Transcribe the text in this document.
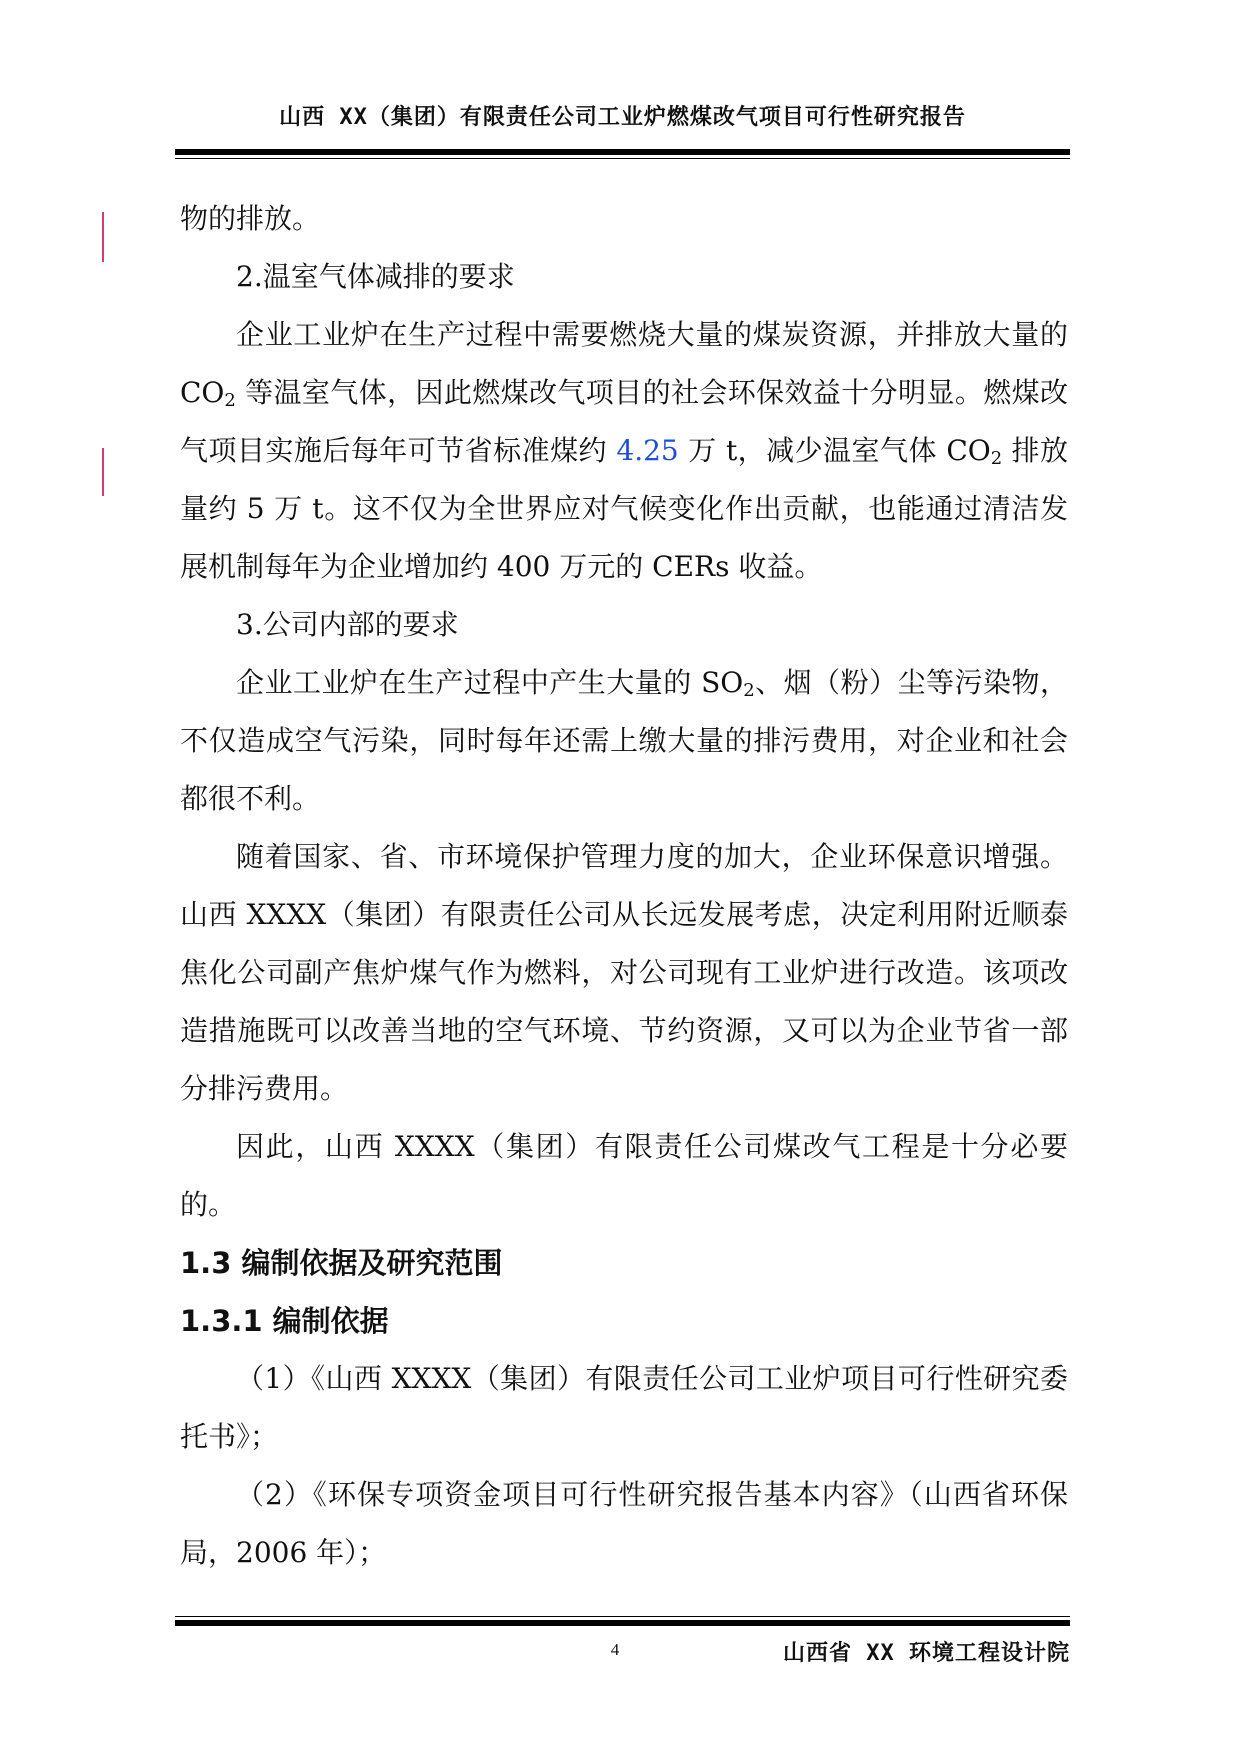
山西 XX（集团）有限责任公司工业炉燃煤改气项目可行性研究报告

物的排放。

2.温室气体减排的要求

企业工业炉在生产过程中需要燃烧大量的煤炭资源，并排放大量的 $CO_2$ 等温室气体，因此燃煤改气项目的社会环保效益十分明显。燃煤改气项目实施后每年可节省标准煤约 4.25 万 t，减少温室气体 $CO_2$ 排放量约 5 万 t。这不仅为全世界应对气候变化作出贡献，也能通过清洁发展机制每年为企业增加约 400 万元的 CERs 收益。

3.公司内部的要求

企业工业炉在生产过程中产生大量的 $SO_2$、烟（粉）尘等污染物，不仅造成空气污染，同时每年还需上缴大量的排污费用，对企业和社会都很不利。

随着国家、省、市环境保护管理力度的加大，企业环保意识增强。山西 XXXX（集团）有限责任公司从长远发展考虑，决定利用附近顺泰焦化公司副产焦炉煤气作为燃料，对公司现有工业炉进行改造。该项改造措施既可以改善当地的空气环境、节约资源，又可以为企业节省一部分排污费用。

因此，山西 XXXX（集团）有限责任公司煤改气工程是十分必要的。

1.3 编制依据及研究范围
1.3.1 编制依据

（1）《山西 XXXX（集团）有限责任公司工业炉项目可行性研究委托书》；

（2）《环保专项资金项目可行性研究报告基本内容》（山西省环保局，2006 年）；

4	山西省 XX 环境工程设计院
